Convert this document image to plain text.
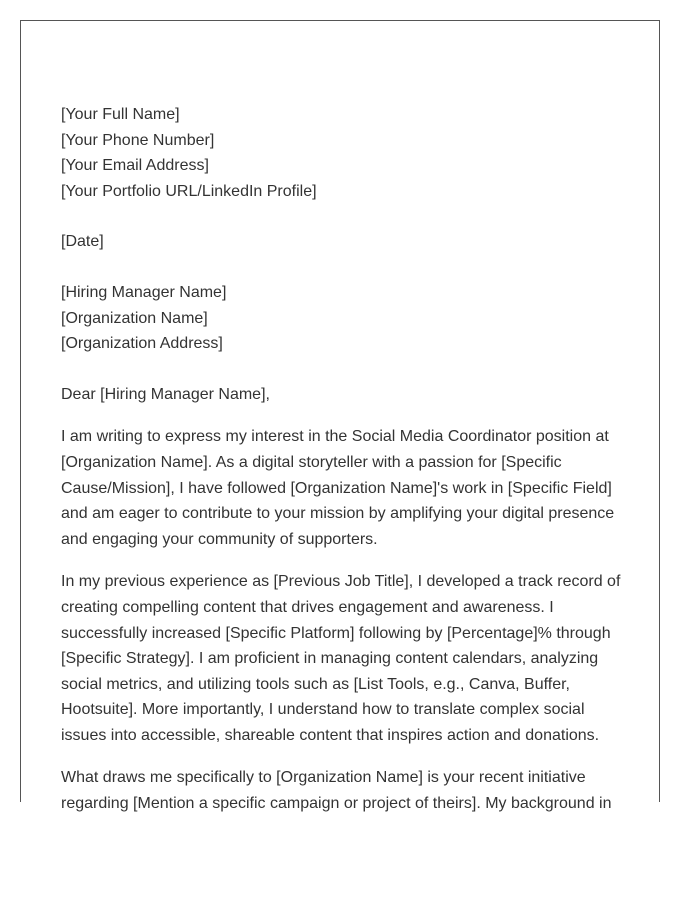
[Your Full Name]
[Your Phone Number]
[Your Email Address]
[Your Portfolio URL/LinkedIn Profile]
[Date]
[Hiring Manager Name]
[Organization Name]
[Organization Address]

Dear [Hiring Manager Name],

I am writing to express my interest in the Social Media Coordinator position at [Organization Name]. As a digital storyteller with a passion for [Specific Cause/Mission], I have followed [Organization Name]'s work in [Specific Field] and am eager to contribute to your mission by amplifying your digital presence and engaging your community of supporters.

In my previous experience as [Previous Job Title], I developed a track record of creating compelling content that drives engagement and awareness. I successfully increased [Specific Platform] following by [Percentage]% through [Specific Strategy]. I am proficient in managing content calendars, analyzing social metrics, and utilizing tools such as [List Tools, e.g., Canva, Buffer, Hootsuite]. More importantly, I understand how to translate complex social issues into accessible, shareable content that inspires action and donations.

What draws me specifically to [Organization Name] is your recent initiative regarding [Mention a specific campaign or project of theirs]. My background in
